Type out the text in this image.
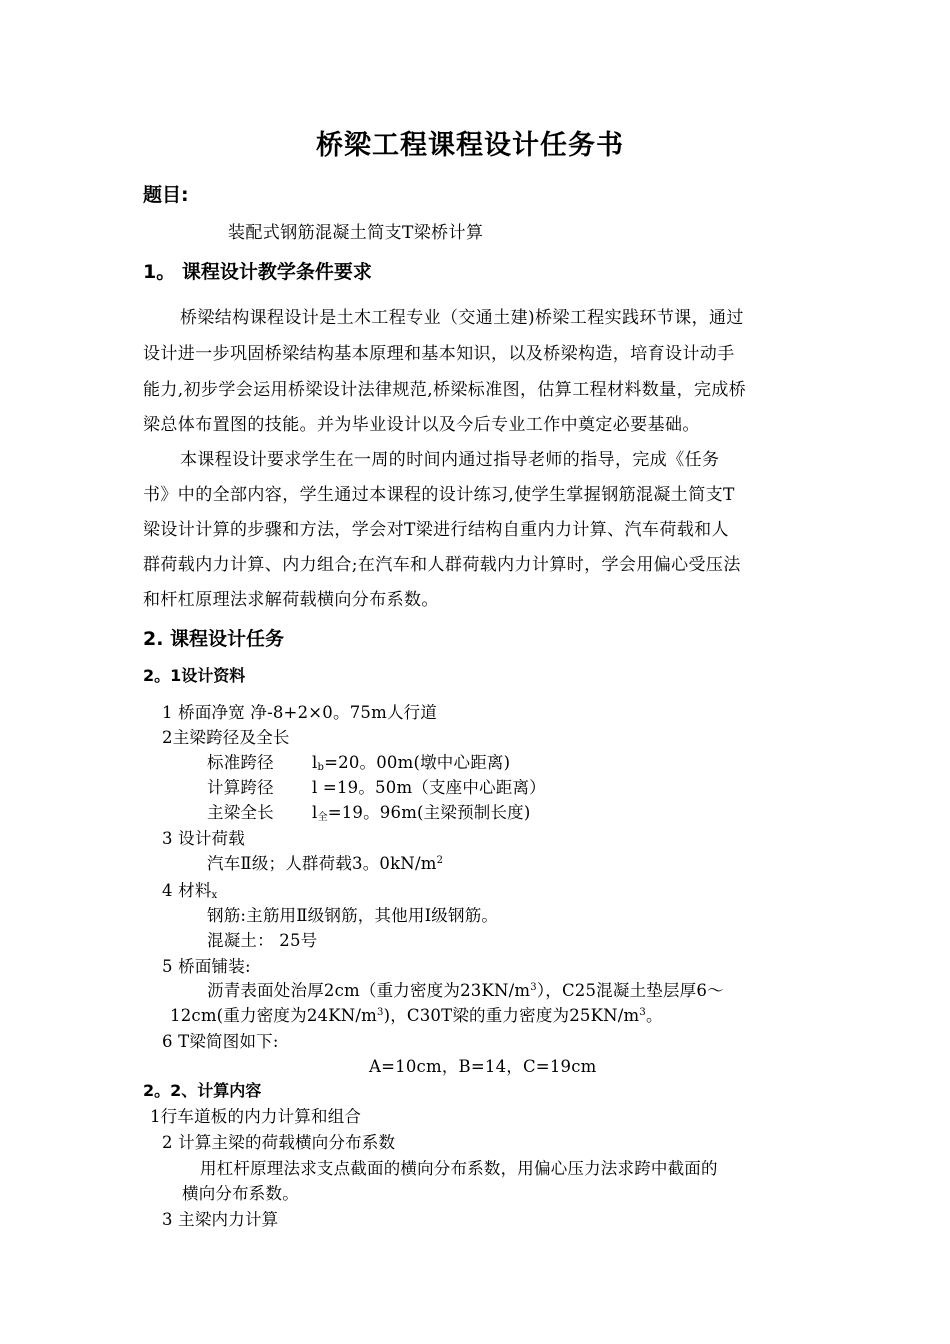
桥梁工程课程设计任务书
题目:
装配式钢筋混凝土简支T梁桥计算
1。 课程设计教学条件要求
桥梁结构课程设计是土木工程专业（交通土建)桥梁工程实践环节课，通过
设计进一步巩固桥梁结构基本原理和基本知识，以及桥梁构造，培育设计动手
能力,初步学会运用桥梁设计法律规范,桥梁标准图，估算工程材料数量，完成桥
梁总体布置图的技能。并为毕业设计以及今后专业工作中奠定必要基础。
本课程设计要求学生在一周的时间内通过指导老师的指导，完成《任务
书》中的全部内容，学生通过本课程的设计练习,使学生掌握钢筋混凝土简支T
梁设计计算的步骤和方法，学会对T梁进行结构自重内力计算、汽车荷载和人
群荷载内力计算、内力组合;在汽车和人群荷载内力计算时，学会用偏心受压法
和杆杠原理法求解荷载横向分布系数。
2. 课程设计任务
2。1设计资料
1 桥面净宽 净-8+2×0。75m人行道
2主梁跨径及全长
标准跨径 $l_b=20$。00m(墩中心距离)
计算跨径 l =19。50m（支座中心距离）
主梁全长 $l_全=19$。96m(主梁预制长度)
3 设计荷载
汽车Ⅱ级；人群荷载3。$0kN/m^2$
4 材料$_x$
钢筋:主筋用Ⅱ级钢筋，其他用Ⅰ级钢筋。
混凝土： 25号
5 桥面铺装:
沥青表面处治厚2cm（重力密度为$23KN/m^3$），C25混凝土垫层厚6～
12cm(重力密度为$24KN/m^3$)，C30T梁的重力密度为$25KN/m^3$。
6 T梁简图如下:
A=10cm，B=14，C=19cm
2。2、计算内容
1行车道板的内力计算和组合
2 计算主梁的荷载横向分布系数
用杠杆原理法求支点截面的横向分布系数，用偏心压力法求跨中截面的
横向分布系数。
3 主梁内力计算
